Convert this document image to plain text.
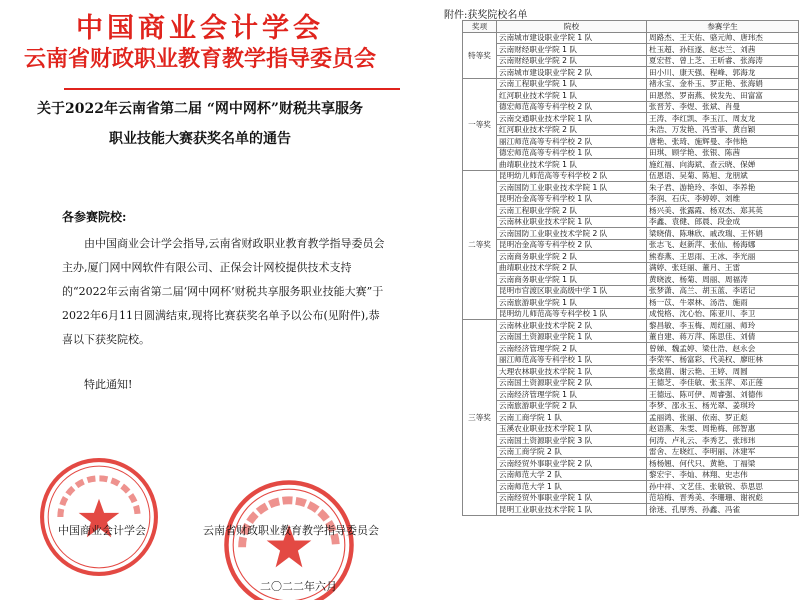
中国商业会计学会
云南省财政职业教育教学指导委员会
关于2022年云南省第二届 “网中网杯”财税共享服务
职业技能大赛获奖名单的通告
各参赛院校:

由中国商业会计学会指导,云南省财政职业教育教学指导委员会主办,厦门网中网软件有限公司、正保会计网校提供技术支持的“2022年云南省第二届‘网中网杯’财税共享服务职业技能大赛”于 2022年6月11日圆满结束,现将比赛获奖名单予以公布(见附件),恭喜以下获奖院校。

特此通知!
中国商业会计学会	云南省财政职业教育教学指导委员会
二〇二二年六月
附件:获奖院校名单
奖项	院校	参赛学生
特等奖	云南城市建设职业学院 1 队	周路杰、王天佑、骆元帅、唐玮杰
	云南财经职业学院 1 队	杜玉超、孙钰遂、赵志兰、刘茜
	云南财经职业学院 2 队	夏宏哲、曾上芝、王昕睿、张海涛
	云南城市建设职业学院 2 队	田小川、康天强、程峰、郭海龙
一等奖	云南工程职业学院 1 队	褚永宝、金朴玉、罗正艳、张海娟
	红河职业技术学院 1 队	田恩然、罗南燕、侯发先、田富富
	德宏师范高等专科学校 2 队	张晋芳、李煜、张斌、肖曼
	云南交通职业技术学院 1 队	王涛、李红凯、李玉江、周友龙
	红河职业技术学院 2 队	朱浩、万发艳、冯雪菲、黄自颖
	丽江师范高等专科学校 2 队	唐艳、张琦、施辉曼、李伟艳
	德宏师范高等专科学校 1 队	田琪、顾学艳、张银、陈茜
	曲靖职业技术学院 1 队	施红福、向海斌、查云晓、保婵
二等奖	昆明幼儿师范高等专科学校 2 队	伍恩语、吴菊、陈旭、龙朋斌
	云南国防工业职业技术学院 1 队	朱子君、游艳玲、李如、李养艳
	昆明冶金高等专科学校 1 队	李润、石庆、李婷婷、刘维
	云南工程职业学院 2 队	杨兴美、张露霞、杨双杰、郑其英
	云南林业职业技术学院 1 队	李鑫、袁健、郎晨、段金成
	云南国防工业职业技术学院 2 队	梁晓倩、陈琳欣、戚改瑞、王怀娟
	昆明冶金高等专科学校 2 队	张志飞、赵新萍、张仙、杨海娜
	云南商务职业学院 2 队	熊春燕、王思雨、王冰、李光丽
	曲靖职业技术学院 2 队	满婷、张廷丽、董月、王雷
	云南商务职业学院 1 队	黄晓波、杨菊、周丽、周福涛
	昆明市官渡区职业高级中学 1 队	张梦潇、高兰、胡玉蓝、李诺记
	云南旅游职业学院 1 队	杨一苡、牛翠林、汤浩、施雨
	昆明幼儿师范高等专科学校 1 队	成悦格、沈心怡、陈亚川、李卫
三等奖	云南林业职业技术学院 2 队	黎昌敏、李玉梅、周红丽、师玲
	云南国土资源职业学院 1 队	董自建、蒋万萍、陈思佳、刘倩
	云南经济管理学院 2 队	曾娣、魏孟婷、梁仕浩、赵永会
	丽江师范高等专科学校 1 队	李荣军、杨富彩、代美权、廖旺林
	大理农林职业技术学院 1 队	张燊菌、谢云艳、王婷、周圆
	云南国土资源职业学院 2 队	王德芝、李佳敏、张玉萍、邓正莲
	云南经济管理学院 1 队	王德远、陈可伊、周睿强、刘德伟
	云南旅游职业学院 2 队	李梦、邵永玉、杨光翠、姜琪玲
	云南工商学院 1 队	孟丽鸿、张丽、依南、罗正彪
	玉溪农业职业技术学院 1 队	赵语燕、朱雯、周艳梅、郎智惠
	云南国土资源职业学院 3 队	何涛、卢礼云、李秀艺、张玮玮
	云南工商学院 2 队	雷舍、左晓红、李明丽、沐建军
	云南经贸外事职业学院 2 队	杨杨翘、何代只、黄艳、丁福梁
	云南师范大学 2 队	黎宏宇、李灿、林翔、史志伟
	云南师范大学 1 队	孙中祥、文艺佳、张敏锐、恭思思
	云南经贸外事职业学院 1 队	范培梅、晋秀美、李珊珊、谢祝彪
	昆明工业职业技术学院 1 队	徐迷、孔厚秀、孙鑫、冯雀
